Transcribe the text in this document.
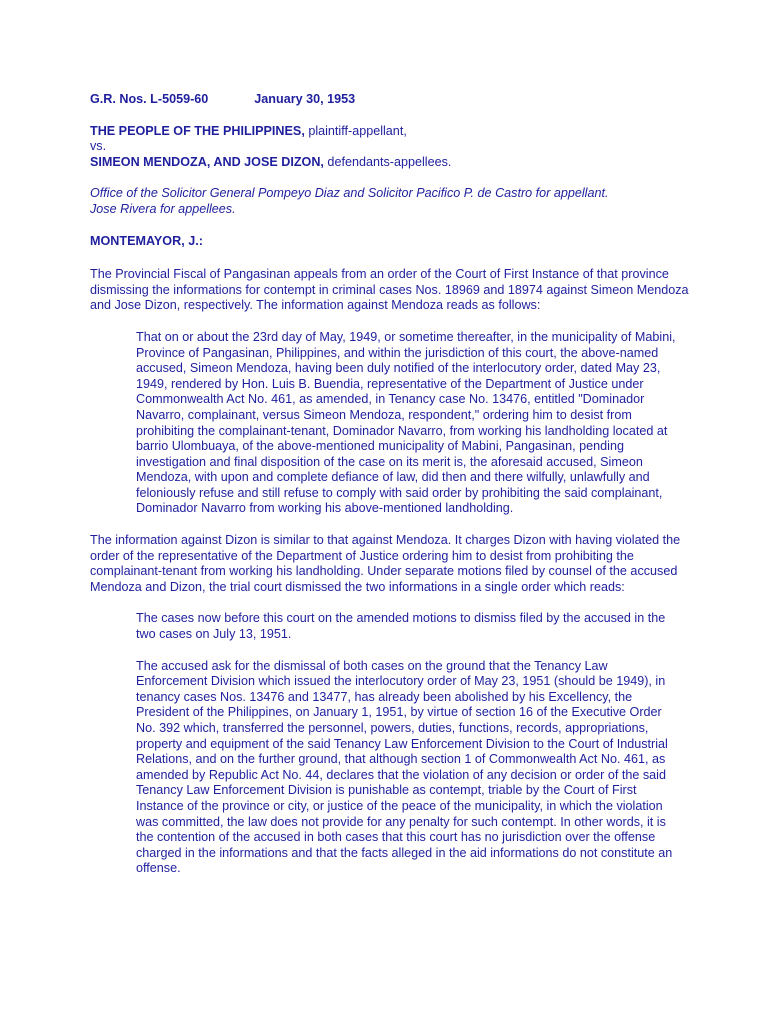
G.R. Nos. L-5059-60	January 30, 1953

THE PEOPLE OF THE PHILIPPINES, plaintiff-appellant,
vs.
SIMEON MENDOZA, AND JOSE DIZON, defendants-appellees.

Office of the Solicitor General Pompeyo Diaz and Solicitor Pacifico P. de Castro for appellant.
Jose Rivera for appellees.

MONTEMAYOR, J.:

The Provincial Fiscal of Pangasinan appeals from an order of the Court of First Instance of that province dismissing the informations for contempt in criminal cases Nos. 18969 and 18974 against Simeon Mendoza and Jose Dizon, respectively. The information against Mendoza reads as follows:

That on or about the 23rd day of May, 1949, or sometime thereafter, in the municipality of Mabini, Province of Pangasinan, Philippines, and within the jurisdiction of this court, the above-named accused, Simeon Mendoza, having been duly notified of the interlocutory order, dated May 23, 1949, rendered by Hon. Luis B. Buendia, representative of the Department of Justice under Commonwealth Act No. 461, as amended, in Tenancy case No. 13476, entitled "Dominador Navarro, complainant, versus Simeon Mendoza, respondent," ordering him to desist from prohibiting the complainant-tenant, Dominador Navarro, from working his landholding located at barrio Ulombuaya, of the above-mentioned municipality of Mabini, Pangasinan, pending investigation and final disposition of the case on its merit is, the aforesaid accused, Simeon Mendoza, with upon and complete defiance of law, did then and there wilfully, unlawfully and feloniously refuse and still refuse to comply with said order by prohibiting the said complainant, Dominador Navarro from working his above-mentioned landholding.

The information against Dizon is similar to that against Mendoza. It charges Dizon with having violated the order of the representative of the Department of Justice ordering him to desist from prohibiting the complainant-tenant from working his landholding. Under separate motions filed by counsel of the accused Mendoza and Dizon, the trial court dismissed the two informations in a single order which reads:

The cases now before this court on the amended motions to dismiss filed by the accused in the two cases on July 13, 1951.

The accused ask for the dismissal of both cases on the ground that the Tenancy Law Enforcement Division which issued the interlocutory order of May 23, 1951 (should be 1949), in tenancy cases Nos. 13476 and 13477, has already been abolished by his Excellency, the President of the Philippines, on January 1, 1951, by virtue of section 16 of the Executive Order No. 392 which, transferred the personnel, powers, duties, functions, records, appropriations, property and equipment of the said Tenancy Law Enforcement Division to the Court of Industrial Relations, and on the further ground, that although section 1 of Commonwealth Act No. 461, as amended by Republic Act No. 44, declares that the violation of any decision or order of the said Tenancy Law Enforcement Division is punishable as contempt, triable by the Court of First Instance of the province or city, or justice of the peace of the municipality, in which the violation was committed, the law does not provide for any penalty for such contempt. In other words, it is the contention of the accused in both cases that this court has no jurisdiction over the offense charged in the informations and that the facts alleged in the aid informations do not constitute an offense.
